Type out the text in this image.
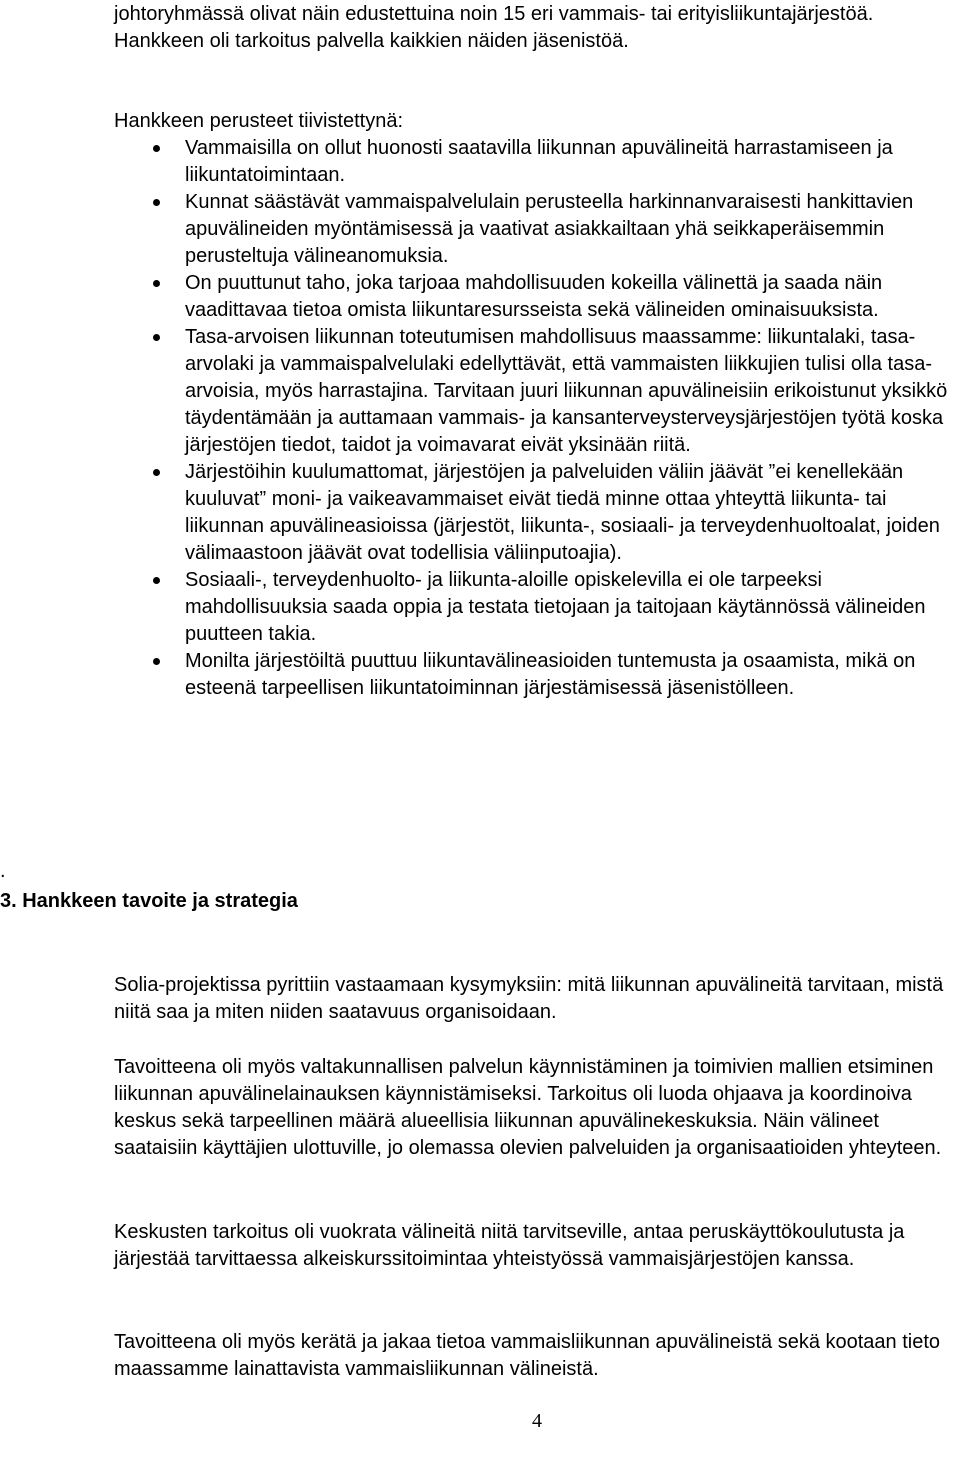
johtoryhmässä olivat näin edustettuina noin 15 eri vammais- tai erityisliikuntajärjestöä. Hankkeen oli tarkoitus palvella kaikkien näiden jäsenistöä.

Hankkeen perusteet tiivistettynä:

Vammaisilla on ollut huonosti saatavilla liikunnan apuvälineitä harrastamiseen ja liikuntatoimintaan.
Kunnat säästävät vammaispalvelulain perusteella harkinnanvaraisesti hankittavien apuvälineiden myöntämisessä ja vaativat asiakkailtaan yhä seikkaperäisemmin perusteltuja välineanomuksia.
On puuttunut taho, joka tarjoaa mahdollisuuden kokeilla välinettä ja saada näin vaadittavaa tietoa omista liikuntaresursseista sekä välineiden ominaisuuksista.
Tasa-arvoisen liikunnan toteutumisen mahdollisuus maassamme: liikuntalaki, tasa-arvolaki ja vammaispalvelulaki edellyttävät, että vammaisten liikkujien tulisi olla tasa-arvoisia, myös harrastajina. Tarvitaan juuri liikunnan apuvälineisiin erikoistunut yksikkö täydentämään ja auttamaan vammais- ja kansanterveysterveysjärjestöjen työtä koska järjestöjen tiedot, taidot ja voimavarat eivät yksinään riitä.
Järjestöihin kuulumattomat, järjestöjen ja palveluiden väliin jäävät ”ei kenellekään kuuluvat” moni- ja vaikeavammaiset eivät tiedä minne ottaa yhteyttä liikunta- tai liikunnan apuvälineasioissa (järjestöt, liikunta-, sosiaali- ja terveydenhuoltoalat, joiden välimaastoon jäävät ovat todellisia väliinputoajia).
Sosiaali-, terveydenhuolto- ja liikunta-aloille opiskelevilla ei ole tarpeeksi mahdollisuuksia saada oppia ja testata tietojaan ja taitojaan käytännössä välineiden puutteen takia.
Monilta järjestöiltä puuttuu liikuntavälineasioiden tuntemusta ja osaamista, mikä on esteenä tarpeellisen liikuntatoiminnan järjestämisessä jäsenistölleen.

.

3. Hankkeen tavoite ja strategia

Solia-projektissa pyrittiin vastaamaan kysymyksiin: mitä liikunnan apuvälineitä tarvitaan, mistä niitä saa ja miten niiden saatavuus organisoidaan.

Tavoitteena oli myös valtakunnallisen palvelun käynnistäminen ja toimivien mallien etsiminen liikunnan apuvälinelainauksen käynnistämiseksi. Tarkoitus oli luoda ohjaava ja koordinoiva keskus sekä tarpeellinen määrä alueellisia liikunnan apuvälinekeskuksia. Näin välineet saataisiin käyttäjien ulottuville, jo olemassa olevien palveluiden ja organisaatioiden yhteyteen.

Keskusten tarkoitus oli vuokrata välineitä niitä tarvitseville, antaa peruskäyttökoulutusta ja järjestää tarvittaessa alkeiskurssitoimintaa yhteistyössä vammaisjärjestöjen kanssa.

Tavoitteena oli myös kerätä ja jakaa tietoa vammaisliikunnan apuvälineistä sekä kootaan tieto maassamme lainattavista vammaisliikunnan välineistä.

4
